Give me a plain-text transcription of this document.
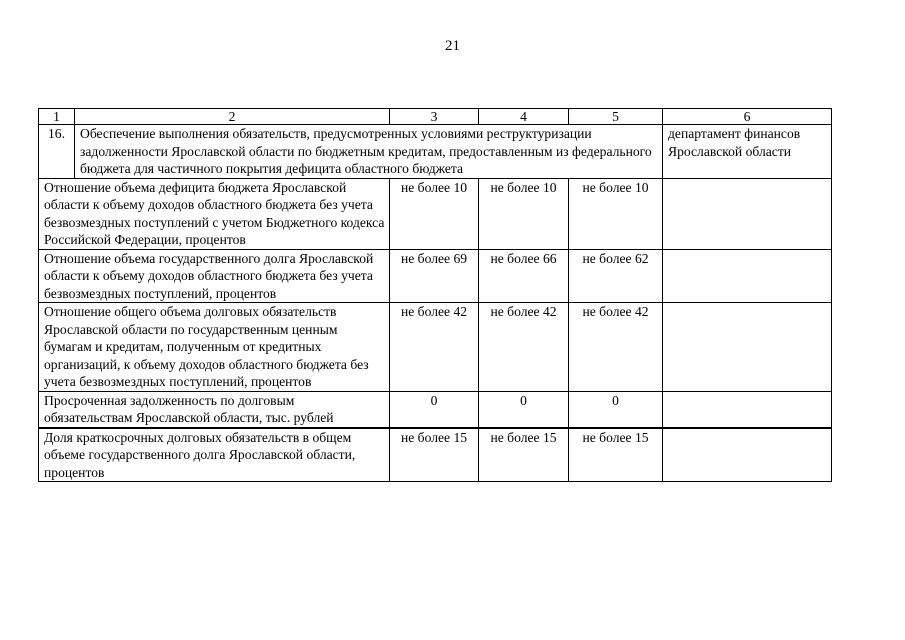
21
1	2	3	4	5	6
16.	Обеспечение выполнения обязательств, предусмотренных условиями реструктуризации задолженности Ярославской области по бюджетным кредитам, предоставленным из федерального бюджета для частичного покрытия дефицита областного бюджета				департамент финансов Ярославской области
Отношение объема дефицита бюджета Ярославской области к объему доходов областного бюджета без учета безвозмездных поступлений с учетом Бюджетного кодекса Российской Федерации, процентов		не более 10	не более 10	не более 10	
Отношение объема государственного долга Ярославской области к объему доходов областного бюджета без учета безвозмездных поступлений, процентов		не более 69	не более 66	не более 62	
Отношение общего объема долговых обязательств Ярославской области по государственным ценным бумагам и кредитам, полученным от кредитных организаций, к объему доходов областного бюджета без учета безвозмездных поступлений, процентов		не более 42	не более 42	не более 42	
Просроченная задолженность по долговым обязательствам Ярославской области, тыс. рублей		0	0	0	
Доля краткосрочных долговых обязательств в общем объеме государственного долга Ярославской области, процентов		не более 15	не более 15	не более 15	
